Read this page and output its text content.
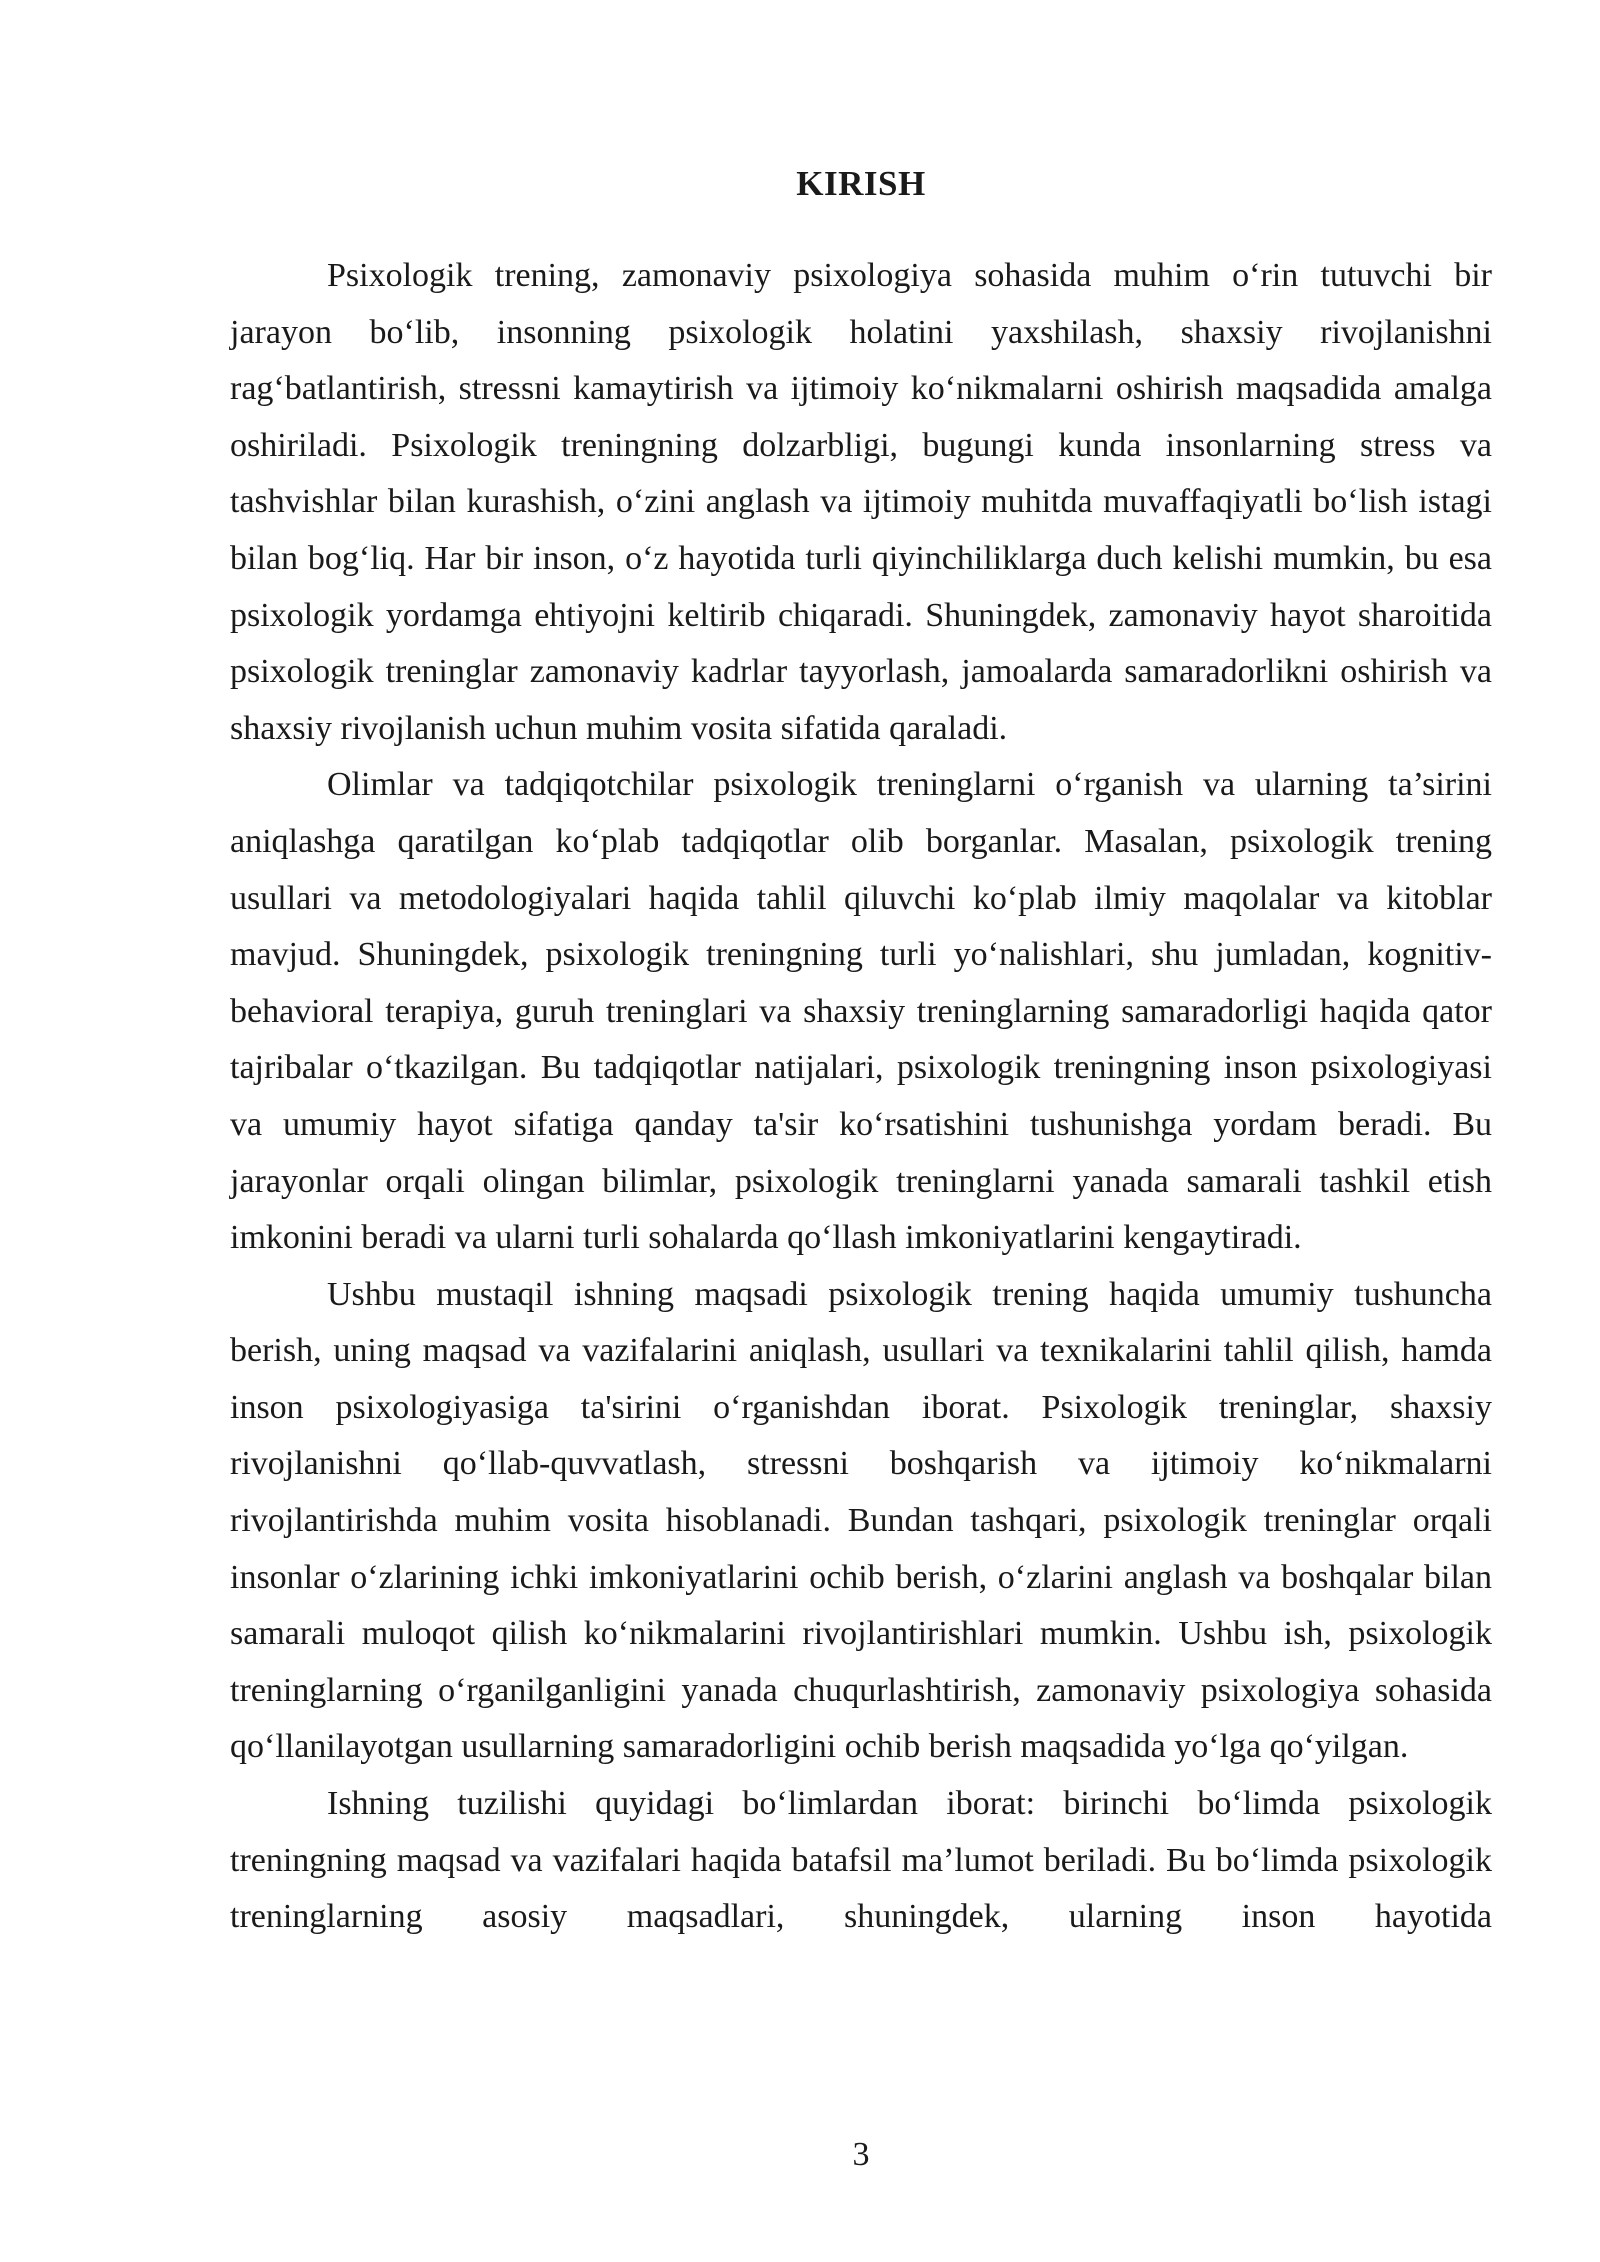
KIRISH

Psixologik trening, zamonaviy psixologiya sohasida muhim o‘rin tutuvchi bir jarayon bo‘lib, insonning psixologik holatini yaxshilash, shaxsiy rivojlanishni rag‘batlantirish, stressni kamaytirish va ijtimoiy ko‘nikmalarni oshirish maqsadida amalga oshiriladi. Psixologik treningning dolzarbligi, bugungi kunda insonlarning stress va tashvishlar bilan kurashish, o‘zini anglash va ijtimoiy muhitda muvaffaqiyatli bo‘lish istagi bilan bog‘liq. Har bir inson, o‘z hayotida turli qiyinchiliklarga duch kelishi mumkin, bu esa psixologik yordamga ehtiyojni keltirib chiqaradi. Shuningdek, zamonaviy hayot sharoitida psixologik treninglar zamonaviy kadrlar tayyorlash, jamoalarda samaradorlikni oshirish va shaxsiy rivojlanish uchun muhim vosita sifatida qaraladi.

Olimlar va tadqiqotchilar psixologik treninglarni o‘rganish va ularning ta’sirini aniqlashga qaratilgan ko‘plab tadqiqotlar olib borganlar. Masalan, psixologik trening usullari va metodologiyalari haqida tahlil qiluvchi ko‘plab ilmiy maqolalar va kitoblar mavjud. Shuningdek, psixologik treningning turli yo‘nalishlari, shu jumladan, kognitiv-behavioral terapiya, guruh treninglari va shaxsiy treninglarning samaradorligi haqida qator tajribalar o‘tkazilgan. Bu tadqiqotlar natijalari, psixologik treningning inson psixologiyasi va umumiy hayot sifatiga qanday ta'sir ko‘rsatishini tushunishga yordam beradi. Bu jarayonlar orqali olingan bilimlar, psixologik treninglarni yanada samarali tashkil etish imkonini beradi va ularni turli sohalarda qo‘llash imkoniyatlarini kengaytiradi.

Ushbu mustaqil ishning maqsadi psixologik trening haqida umumiy tushuncha berish, uning maqsad va vazifalarini aniqlash, usullari va texnikalarini tahlil qilish, hamda inson psixologiyasiga ta'sirini o‘rganishdan iborat. Psixologik treninglar, shaxsiy rivojlanishni qo‘llab-quvvatlash, stressni boshqarish va ijtimoiy ko‘nikmalarni rivojlantirishda muhim vosita hisoblanadi. Bundan tashqari, psixologik treninglar orqali insonlar o‘zlarining ichki imkoniyatlarini ochib berish, o‘zlarini anglash va boshqalar bilan samarali muloqot qilish ko‘nikmalarini rivojlantirishlari mumkin. Ushbu ish, psixologik treninglarning o‘rganilganligini yanada chuqurlashtirish, zamonaviy psixologiya sohasida qo‘llanilayotgan usullarning samaradorligini ochib berish maqsadida yo‘lga qo‘yilgan.

Ishning tuzilishi quyidagi bo‘limlardan iborat: birinchi bo‘limda psixologik treningning maqsad va vazifalari haqida batafsil ma’lumot beriladi. Bu bo‘limda psixologik treninglarning asosiy maqsadlari, shuningdek, ularning inson hayotida

3
